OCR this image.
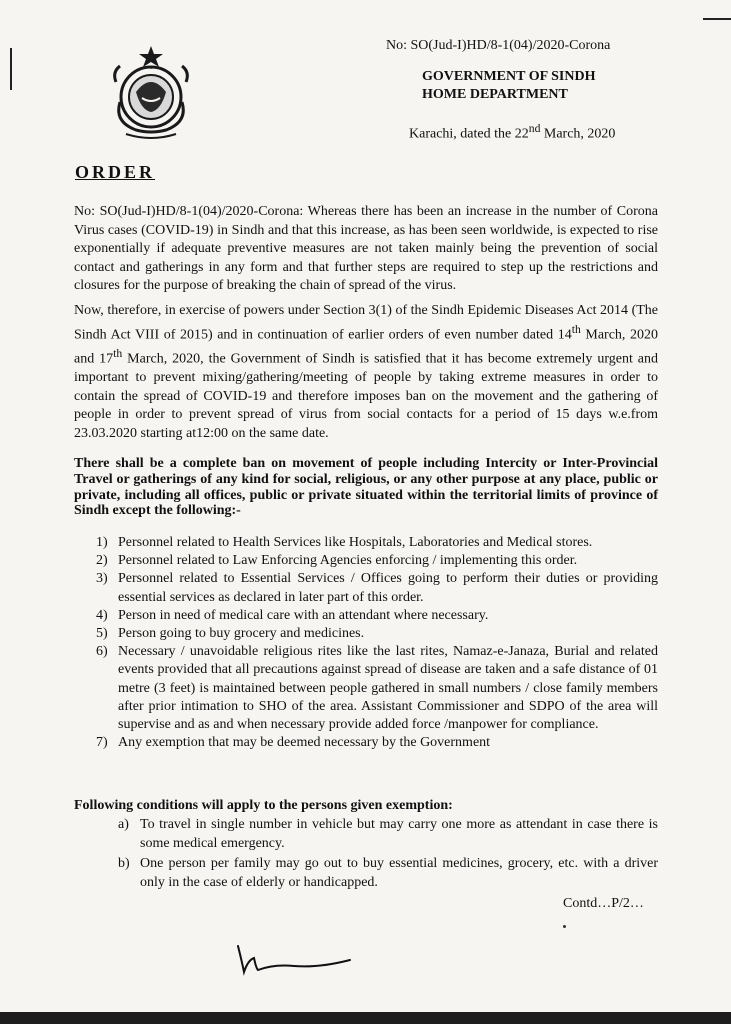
No: SO(Jud-I)HD/8-1(04)/2020-Corona
GOVERNMENT OF SINDH
HOME DEPARTMENT
Karachi, dated the 22nd March, 2020
ORDER
No: SO(Jud-I)HD/8-1(04)/2020-Corona: Whereas there has been an increase in the number of Corona Virus cases (COVID-19) in Sindh and that this increase, as has been seen worldwide, is expected to rise exponentially if adequate preventive measures are not taken mainly being the prevention of social contact and gatherings in any form and that further steps are required to step up the restrictions and closures for the purpose of breaking the chain of spread of the virus.
Now, therefore, in exercise of powers under Section 3(1) of the Sindh Epidemic Diseases Act 2014 (The Sindh Act VIII of 2015) and in continuation of earlier orders of even number dated 14th March, 2020 and 17th March, 2020, the Government of Sindh is satisfied that it has become extremely urgent and important to prevent mixing/gathering/meeting of people by taking extreme measures in order to contain the spread of COVID-19 and therefore imposes ban on the movement and the gathering of people in order to prevent spread of virus from social contacts for a period of 15 days w.e.from 23.03.2020 starting at12:00 on the same date.
There shall be a complete ban on movement of people including Intercity or Inter-Provincial Travel or gatherings of any kind for social, religious, or any other purpose at any place, public or private, including all offices, public or private situated within the territorial limits of province of Sindh except the following:-
1) Personnel related to Health Services like Hospitals, Laboratories and Medical stores.
2) Personnel related to Law Enforcing Agencies enforcing / implementing this order.
3) Personnel related to Essential Services / Offices going to perform their duties or providing essential services as declared in later part of this order.
4) Person in need of medical care with an attendant where necessary.
5) Person going to buy grocery and medicines.
6) Necessary / unavoidable religious rites like the last rites, Namaz-e-Janaza, Burial and related events provided that all precautions against spread of disease are taken and a safe distance of 01 metre (3 feet) is maintained between people gathered in small numbers / close family members after prior intimation to SHO of the area. Assistant Commissioner and SDPO of the area will supervise and as and when necessary provide added force /manpower for compliance.
7) Any exemption that may be deemed necessary by the Government
Following conditions will apply to the persons given exemption:
a) To travel in single number in vehicle but may carry one more as attendant in case there is some medical emergency.
b) One person per family may go out to buy essential medicines, grocery, etc. with a driver only in the case of elderly or handicapped.
Contd…P/2…
